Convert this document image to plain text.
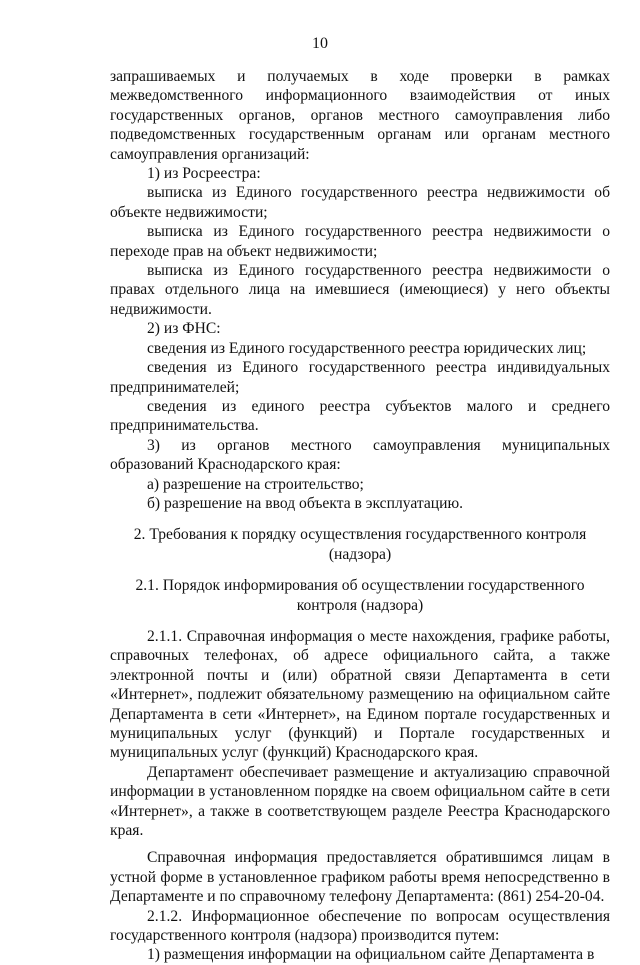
10

запрашиваемых и получаемых в ходе проверки в рамках межведомственного информационного взаимодействия от иных государственных органов, органов местного самоуправления либо подведомственных государственным органам или органам местного самоуправления организаций:

1) из Росреестра:

выписка из Единого государственного реестра недвижимости об объекте недвижимости;

выписка из Единого государственного реестра недвижимости о переходе прав на объект недвижимости;

выписка из Единого государственного реестра недвижимости о правах отдельного лица на имевшиеся (имеющиеся) у него объекты недвижимости.

2) из ФНС:

сведения из Единого государственного реестра юридических лиц;

сведения из Единого государственного реестра индивидуальных предпринимателей;

сведения из единого реестра субъектов малого и среднего предпринимательства.

3) из органов местного самоуправления муниципальных образований Краснодарского края:

а) разрешение на строительство;

б) разрешение на ввод объекта в эксплуатацию.

2. Требования к порядку осуществления государственного контроля (надзора)

2.1. Порядок информирования об осуществлении государственного контроля (надзора)

2.1.1. Справочная информация о месте нахождения, графике работы, справочных телефонах, об адресе официального сайта, а также электронной почты и (или) обратной связи Департамента в сети «Интернет», подлежит обязательному размещению на официальном сайте Департамента в сети «Интернет», на Едином портале государственных и муниципальных услуг (функций) и Портале государственных и муниципальных услуг (функций) Краснодарского края.

Департамент обеспечивает размещение и актуализацию справочной информации в установленном порядке на своем официальном сайте в сети «Интернет», а также в соответствующем разделе Реестра Краснодарского края.

Справочная информация предоставляется обратившимся лицам в устной форме в установленное графиком работы время непосредственно в Департаменте и по справочному телефону Департамента: (861) 254-20-04.

2.1.2. Информационное обеспечение по вопросам осуществления государственного контроля (надзора) производится путем:

1) размещения информации на официальном сайте Департамента в
